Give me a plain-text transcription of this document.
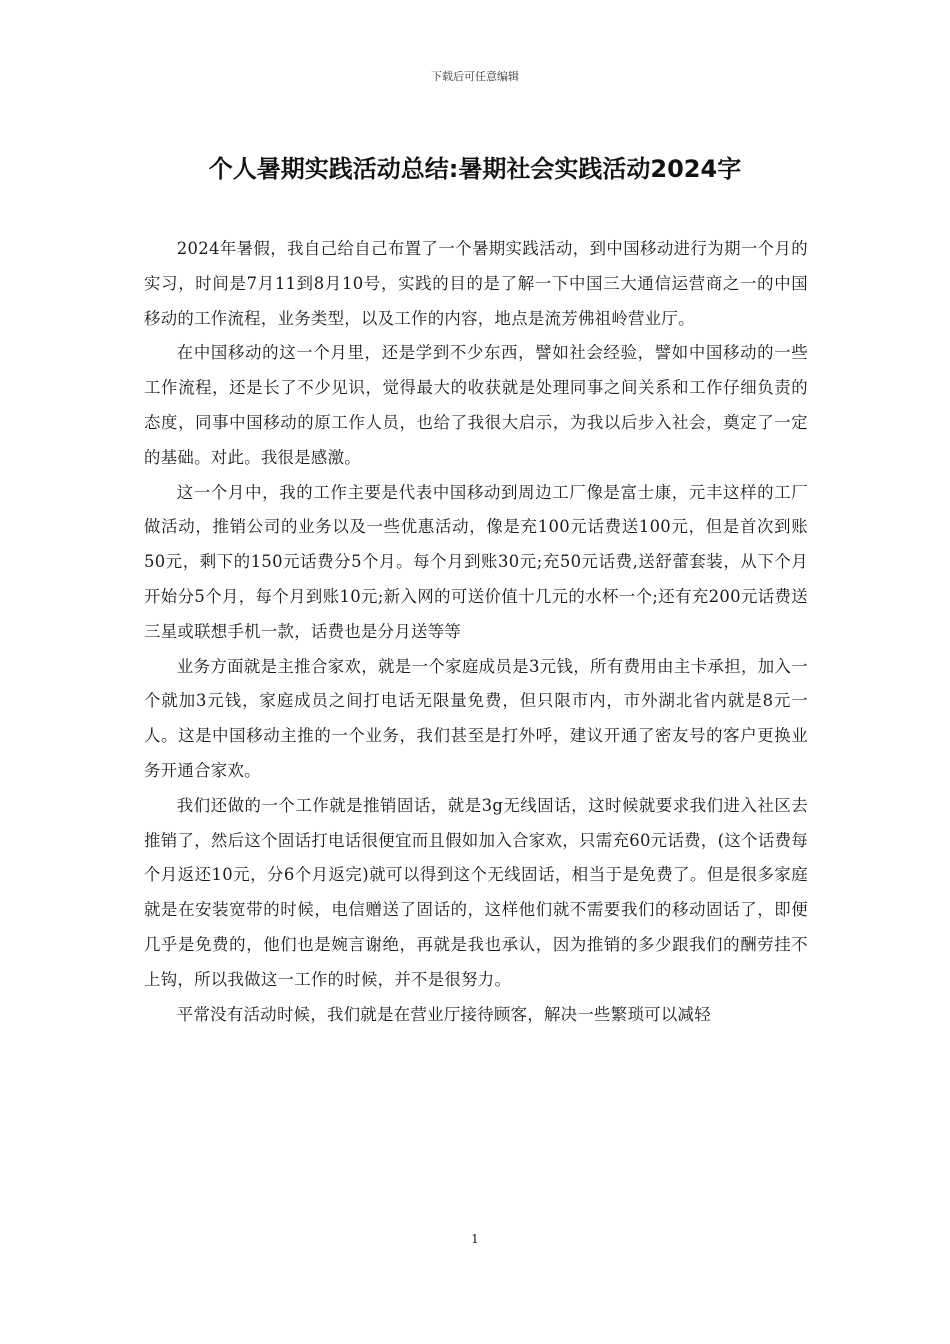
下载后可任意编辑
个人暑期实践活动总结:暑期社会实践活动2024字

2024年暑假，我自己给自己布置了一个暑期实践活动，到中国移动进行为期一个月的实习，时间是7月11到8月10号，实践的目的是了解一下中国三大通信运营商之一的中国移动的工作流程，业务类型，以及工作的内容，地点是流芳佛祖岭营业厅。

在中国移动的这一个月里，还是学到不少东西，譬如社会经验，譬如中国移动的一些工作流程，还是长了不少见识，觉得最大的收获就是处理同事之间关系和工作仔细负责的态度，同事中国移动的原工作人员，也给了我很大启示，为我以后步入社会，奠定了一定的基础。对此。我很是感激。

这一个月中，我的工作主要是代表中国移动到周边工厂像是富士康，元丰这样的工厂做活动，推销公司的业务以及一些优惠活动，像是充100元话费送100元，但是首次到账50元，剩下的150元话费分5个月。每个月到账30元;充50元话费,送舒蕾套装，从下个月开始分5个月，每个月到账10元;新入网的可送价值十几元的水杯一个;还有充200元话费送三星或联想手机一款，话费也是分月送等等

业务方面就是主推合家欢，就是一个家庭成员是3元钱，所有费用由主卡承担，加入一个就加3元钱，家庭成员之间打电话无限量免费，但只限市内，市外湖北省内就是8元一人。这是中国移动主推的一个业务，我们甚至是打外呼，建议开通了密友号的客户更换业务开通合家欢。

我们还做的一个工作就是推销固话，就是3g无线固话，这时候就要求我们进入社区去推销了，然后这个固话打电话很便宜而且假如加入合家欢，只需充60元话费，(这个话费每个月返还10元，分6个月返完)就可以得到这个无线固话，相当于是免费了。但是很多家庭就是在安装宽带的时候，电信赠送了固话的，这样他们就不需要我们的移动固话了，即便几乎是免费的，他们也是婉言谢绝，再就是我也承认，因为推销的多少跟我们的酬劳挂不上钩，所以我做这一工作的时候，并不是很努力。

平常没有活动时候，我们就是在营业厅接待顾客，解决一些繁琐可以减轻

1
